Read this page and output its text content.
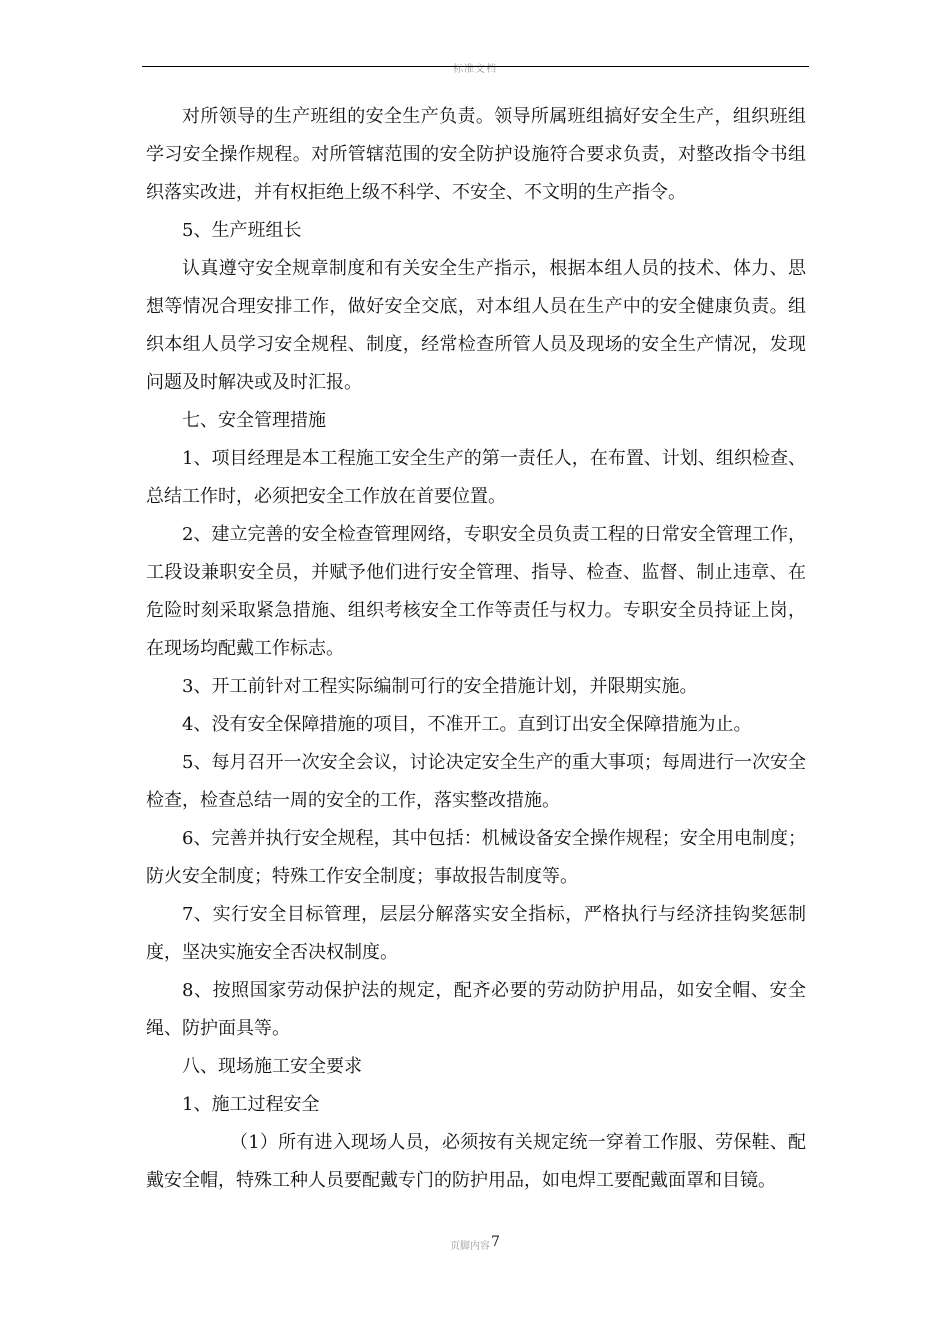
标准文档

对所领导的生产班组的安全生产负责。领导所属班组搞好安全生产，组织班组学习安全操作规程。对所管辖范围的安全防护设施符合要求负责，对整改指令书组织落实改进，并有权拒绝上级不科学、不安全、不文明的生产指令。

5、生产班组长

认真遵守安全规章制度和有关安全生产指示，根据本组人员的技术、体力、思想等情况合理安排工作，做好安全交底，对本组人员在生产中的安全健康负责。组织本组人员学习安全规程、制度，经常检查所管人员及现场的安全生产情况，发现问题及时解决或及时汇报。

七、安全管理措施

1、项目经理是本工程施工安全生产的第一责任人，在布置、计划、组织检查、总结工作时，必须把安全工作放在首要位置。

2、建立完善的安全检查管理网络，专职安全员负责工程的日常安全管理工作，工段设兼职安全员，并赋予他们进行安全管理、指导、检查、监督、制止违章、在危险时刻采取紧急措施、组织考核安全工作等责任与权力。专职安全员持证上岗，在现场均配戴工作标志。

3、开工前针对工程实际编制可行的安全措施计划，并限期实施。

4、没有安全保障措施的项目，不准开工。直到订出安全保障措施为止。

5、每月召开一次安全会议，讨论决定安全生产的重大事项；每周进行一次安全检查，检查总结一周的安全的工作，落实整改措施。

6、完善并执行安全规程，其中包括：机械设备安全操作规程；安全用电制度；防火安全制度；特殊工作安全制度；事故报告制度等。

7、实行安全目标管理，层层分解落实安全指标，严格执行与经济挂钩奖惩制度，坚决实施安全否决权制度。

8、按照国家劳动保护法的规定，配齐必要的劳动防护用品，如安全帽、安全绳、防护面具等。

八、现场施工安全要求

1、施工过程安全

（1）所有进入现场人员，必须按有关规定统一穿着工作服、劳保鞋、配戴安全帽，特殊工种人员要配戴专门的防护用品，如电焊工要配戴面罩和目镜。

页脚内容7
